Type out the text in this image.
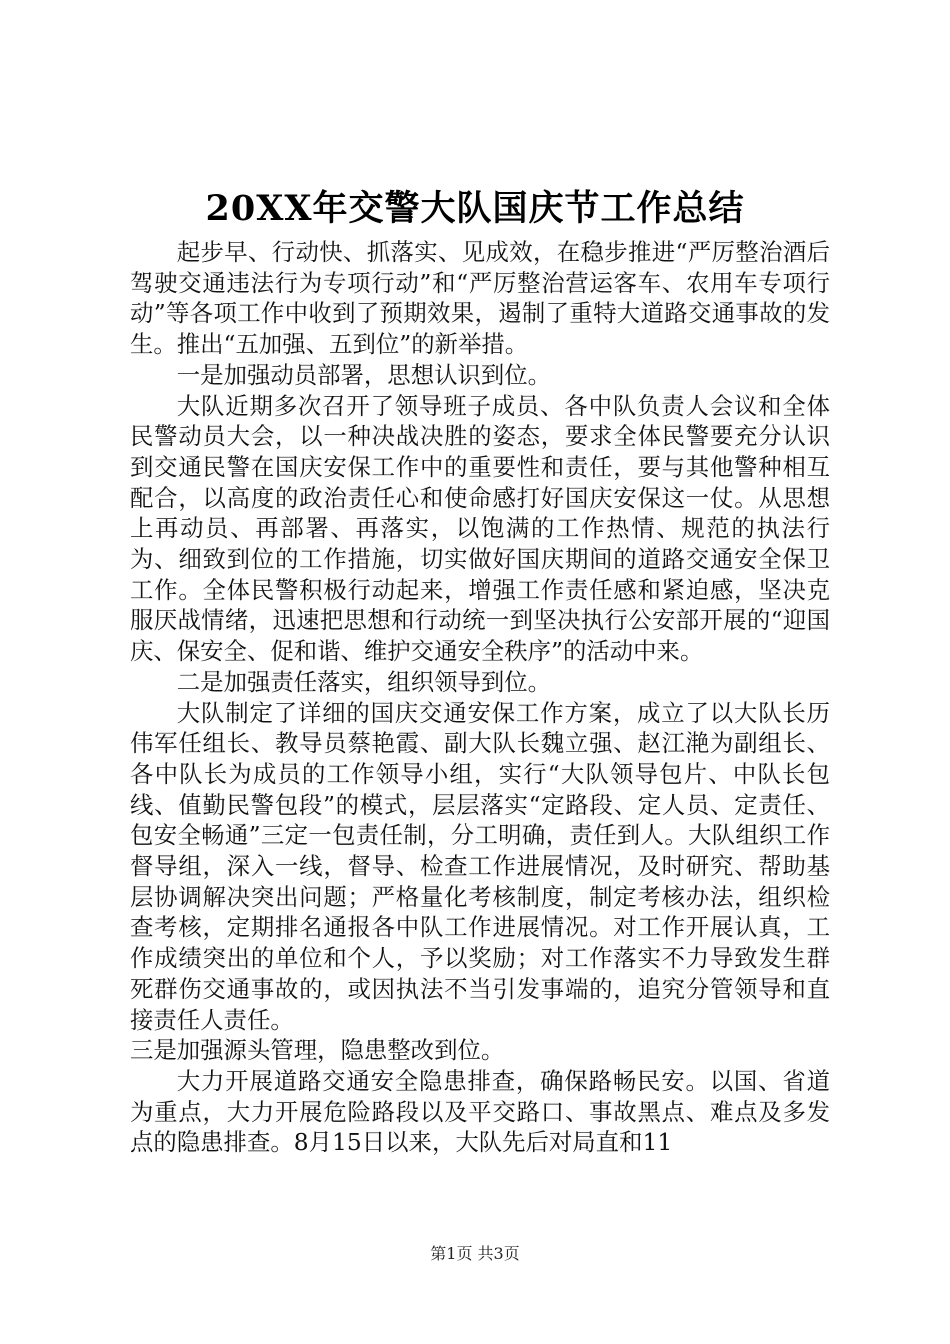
20XX年交警大队国庆节工作总结

起步早、行动快、抓落实、见成效，在稳步推进“严厉整治酒后驾驶交通违法行为专项行动”和“严厉整治营运客车、农用车专项行动”等各项工作中收到了预期效果，遏制了重特大道路交通事故的发生。推出“五加强、五到位”的新举措。

一是加强动员部署，思想认识到位。

大队近期多次召开了领导班子成员、各中队负责人会议和全体民警动员大会，以一种决战决胜的姿态，要求全体民警要充分认识到交通民警在国庆安保工作中的重要性和责任，要与其他警种相互配合，以高度的政治责任心和使命感打好国庆安保这一仗。从思想上再动员、再部署、再落实，以饱满的工作热情、规范的执法行为、细致到位的工作措施，切实做好国庆期间的道路交通安全保卫工作。全体民警积极行动起来，增强工作责任感和紧迫感，坚决克服厌战情绪，迅速把思想和行动统一到坚决执行公安部开展的“迎国庆、保安全、促和谐、维护交通安全秩序”的活动中来。

二是加强责任落实，组织领导到位。

大队制定了详细的国庆交通安保工作方案，成立了以大队长历伟军任组长、教导员蔡艳霞、副大队长魏立强、赵江滟为副组长、各中队长为成员的工作领导小组，实行“大队领导包片、中队长包线、值勤民警包段”的模式，层层落实“定路段、定人员、定责任、包安全畅通”三定一包责任制，分工明确，责任到人。大队组织工作督导组，深入一线，督导、检查工作进展情况，及时研究、帮助基层协调解决突出问题；严格量化考核制度，制定考核办法，组织检查考核，定期排名通报各中队工作进展情况。对工作开展认真，工作成绩突出的单位和个人，予以奖励；对工作落实不力导致发生群死群伤交通事故的，或因执法不当引发事端的，追究分管领导和直接责任人责任。

三是加强源头管理，隐患整改到位。

大力开展道路交通安全隐患排查，确保路畅民安。以国、省道为重点，大力开展危险路段以及平交路口、事故黑点、难点及多发点的隐患排查。8月15日以来，大队先后对局直和11

第1页 共3页
